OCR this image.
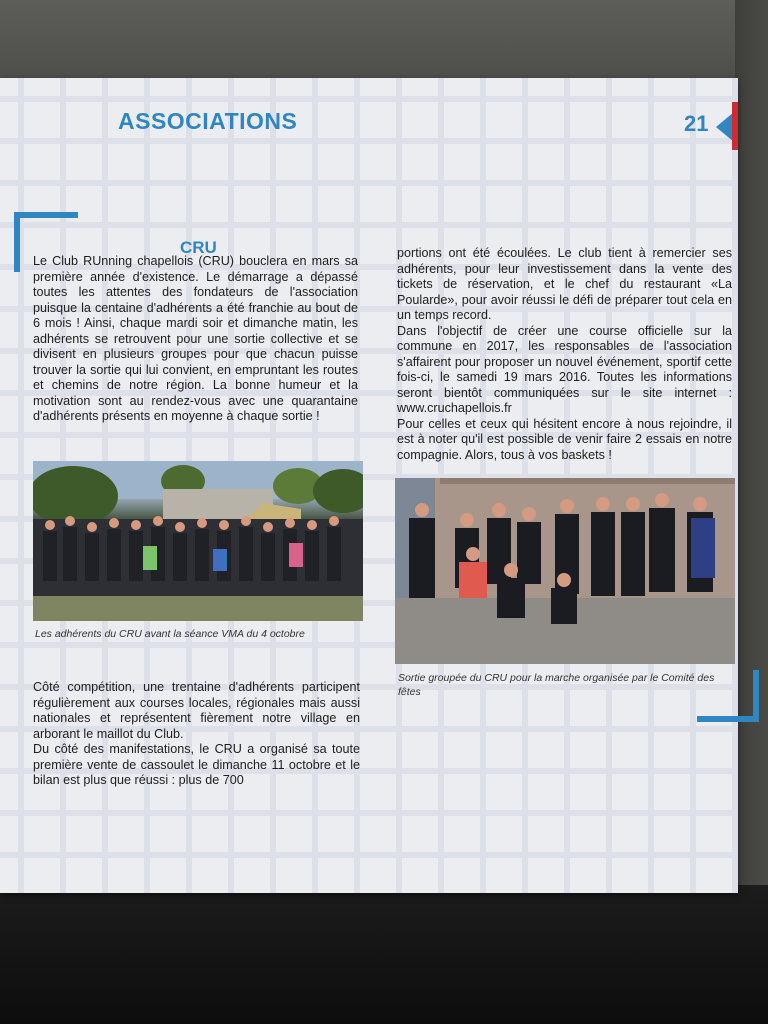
ASSOCIATIONS	21
CRU

Le Club RUnning chapellois (CRU) bouclera en mars sa première année d'existence. Le démarrage a dépassé toutes les attentes des fondateurs de l'association puisque la centaine d'adhérents a été franchie au bout de 6 mois ! Ainsi, chaque mardi soir et dimanche matin, les adhérents se retrouvent pour une sortie collective et se divisent en plusieurs groupes pour que chacun puisse trouver la sortie qui lui convient, en empruntant les routes et chemins de notre région. La bonne humeur et la motivation sont au rendez-vous avec une quarantaine d'adhérents présents en moyenne à chaque sortie !

Les adhérents du CRU avant la séance VMA du 4 octobre

Côté compétition, une trentaine d'adhérents participent régulièrement aux courses locales, régionales mais aussi nationales et représentent fièrement notre village en arborant le maillot du Club.

Du côté des manifestations, le CRU a organisé sa toute première vente de cassoulet le dimanche 11 octobre et le bilan est plus que réussi : plus de 700

portions ont été écoulées. Le club tient à remercier ses adhérents, pour leur investissement dans la vente des tickets de réservation, et le chef du restaurant «La Poularde», pour avoir réussi le défi de préparer tout cela en un temps record.

Dans l'objectif de créer une course officielle sur la commune en 2017, les responsables de l'association s'affairent pour proposer un nouvel événement, sportif cette fois-ci, le samedi 19 mars 2016. Toutes les informations seront bientôt communiquées sur le site internet : www.cruchapellois.fr

Pour celles et ceux qui hésitent encore à nous rejoindre, il est à noter qu'il est possible de venir faire 2 essais en notre compagnie. Alors, tous à vos baskets !

Sortie groupée du CRU pour la marche organisée par le Comité des fêtes
